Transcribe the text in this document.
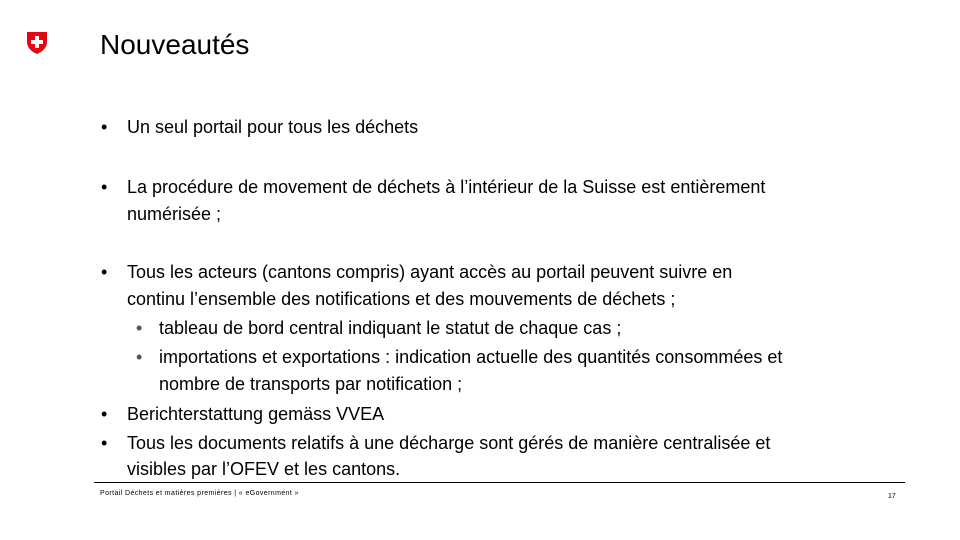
Nouveautés
• Un seul portail pour tous les déchets
• La procédure de movement de déchets à l’intérieur de la Suisse est entièrement
numérisée ;
• Tous les acteurs (cantons compris) ayant accès au portail peuvent suivre en
continu l’ensemble des notifications et des mouvements de déchets ;
• tableau de bord central indiquant le statut de chaque cas ;
• importations et exportations : indication actuelle des quantités consommées et
nombre de transports par notification ;
• Berichterstattung gemäss VVEA
• Tous les documents relatifs à une décharge sont gérés de manière centralisée et
visibles par l’OFEV et les cantons.
Portail Déchets et matières premières | « eGovernment »	17
